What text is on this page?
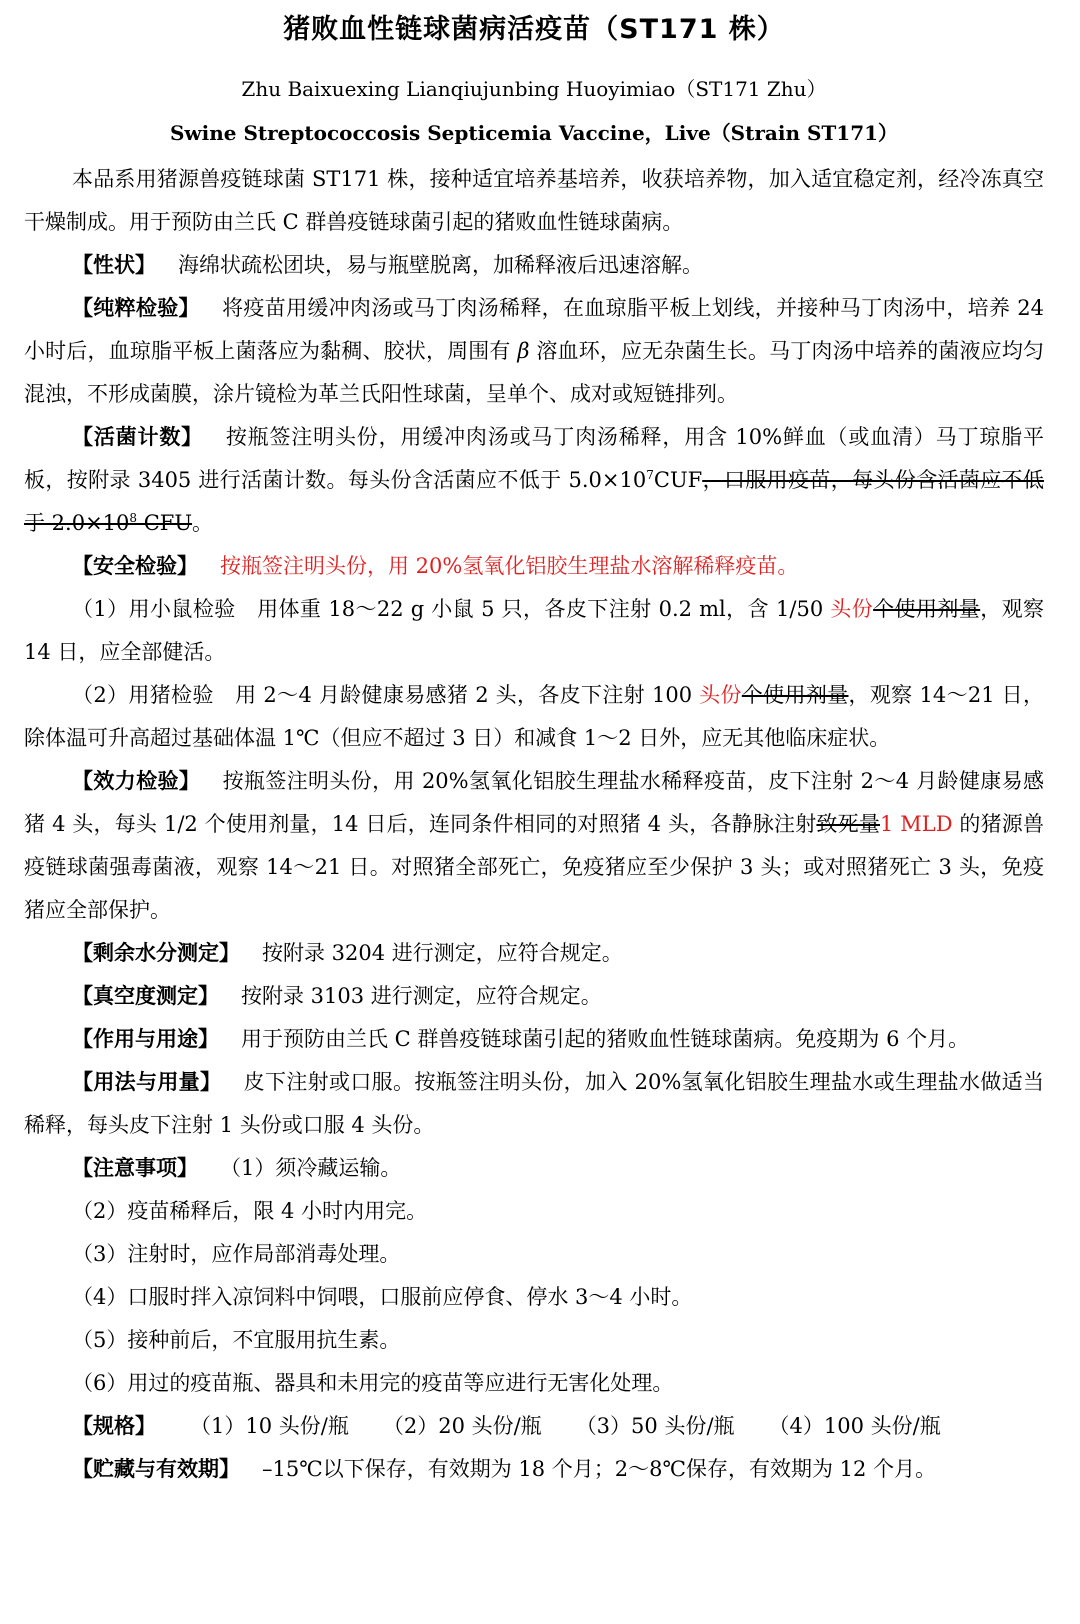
猪败血性链球菌病活疫苗（ST171 株）
Zhu Baixuexing Lianqiujunbing Huoyimiao（ST171 Zhu）
Swine Streptococcosis Septicemia Vaccine，Live（Strain ST171）

本品系用猪源兽疫链球菌 ST171 株，接种适宜培养基培养，收获培养物，加入适宜稳定剂，经冷冻真空干燥制成。用于预防由兰氏 C 群兽疫链球菌引起的猪败血性链球菌病。

【性状】 海绵状疏松团块，易与瓶壁脱离，加稀释液后迅速溶解。

【纯粹检验】 将疫苗用缓冲肉汤或马丁肉汤稀释，在血琼脂平板上划线，并接种马丁肉汤中，培养 24 小时后，血琼脂平板上菌落应为黏稠、胶状，周围有 β 溶血环，应无杂菌生长。马丁肉汤中培养的菌液应均匀混浊，不形成菌膜，涂片镜检为革兰氏阳性球菌，呈单个、成对或短链排列。

【活菌计数】 按瓶签注明头份，用缓冲肉汤或马丁肉汤稀释，用含 10%鲜血（或血清）马丁琼脂平板，按附录 3405 进行活菌计数。每头份含活菌应不低于 $5.0\times 10^7CUF$，口服用疫苗，每头份含活菌应不低于 $2.0\times 10^8$ CFU。

【安全检验】 按瓶签注明头份，用 20%氢氧化铝胶生理盐水溶解稀释疫苗。

（1）用小鼠检验　用体重 18～22 g 小鼠 5 只，各皮下注射 0.2 ml，含 1/50 头份个使用剂量，观察 14 日，应全部健活。

（2）用猪检验　用 2～4 月龄健康易感猪 2 头，各皮下注射 100 头份个使用剂量，观察 14～21 日，除体温可升高超过基础体温 1℃（但应不超过 3 日）和减食 1～2 日外，应无其他临床症状。

【效力检验】 按瓶签注明头份，用 20%氢氧化铝胶生理盐水稀释疫苗，皮下注射 2～4 月龄健康易感猪 4 头，每头 1/2 个使用剂量，14 日后，连同条件相同的对照猪 4 头，各静脉注射致死量1 MLD 的猪源兽疫链球菌强毒菌液，观察 14～21 日。对照猪全部死亡，免疫猪应至少保护 3 头；或对照猪死亡 3 头，免疫猪应全部保护。

【剩余水分测定】 按附录 3204 进行测定，应符合规定。

【真空度测定】 按附录 3103 进行测定，应符合规定。

【作用与用途】 用于预防由兰氏 C 群兽疫链球菌引起的猪败血性链球菌病。免疫期为 6 个月。

【用法与用量】 皮下注射或口服。按瓶签注明头份，加入 20%氢氧化铝胶生理盐水或生理盐水做适当稀释，每头皮下注射 1 头份或口服 4 头份。

【注意事项】 （1）须冷藏运输。

（2）疫苗稀释后，限 4 小时内用完。

（3）注射时，应作局部消毒处理。

（4）口服时拌入凉饲料中饲喂，口服前应停食、停水 3～4 小时。

（5）接种前后，不宜服用抗生素。

（6）用过的疫苗瓶、器具和未用完的疫苗等应进行无害化处理。

【规格】 （1）10 头份/瓶 （2）20 头份/瓶 （3）50 头份/瓶 （4）100 头份/瓶

【贮藏与有效期】 –15℃以下保存，有效期为 18 个月；2～8℃保存，有效期为 12 个月。
